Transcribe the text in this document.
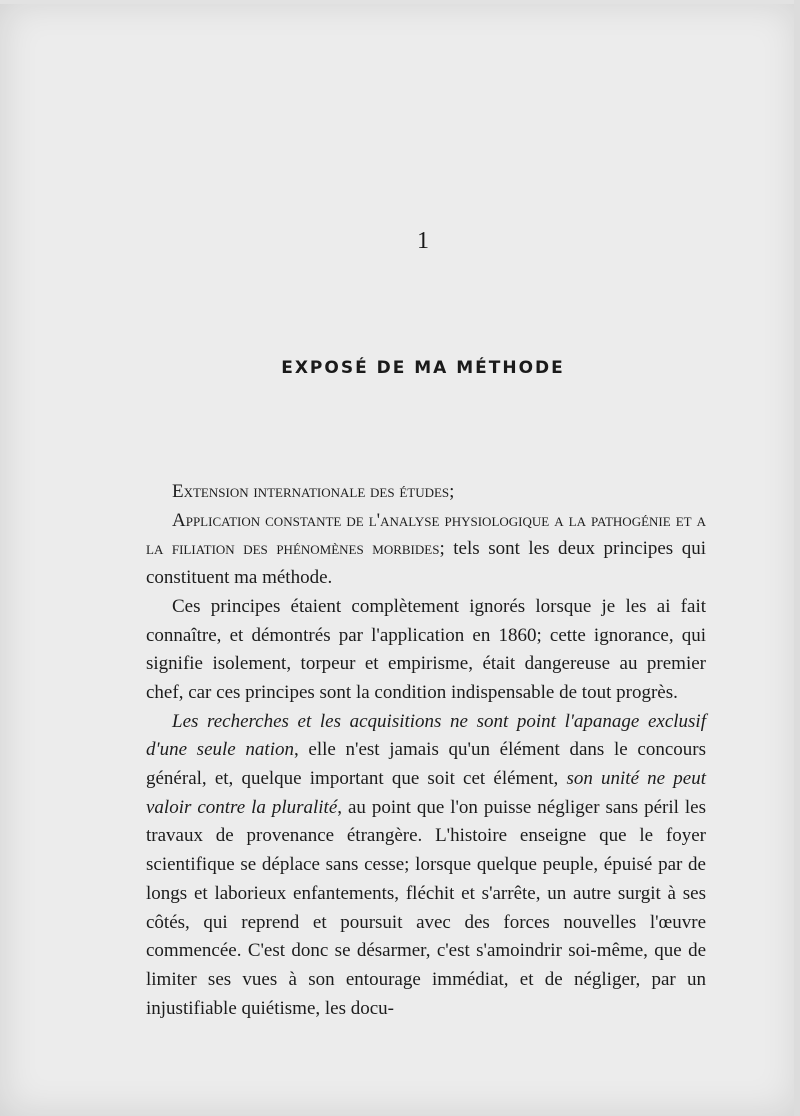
1
EXPOSÉ DE MA MÉTHODE

Extension internationale des études;

Application constante de l'analyse physiologique a la pathogénie et a la filiation des phénomènes morbides; tels sont les deux principes qui constituent ma méthode.

Ces principes étaient complètement ignorés lorsque je les ai fait connaître, et démontrés par l'application en 1860; cette ignorance, qui signifie isolement, torpeur et empirisme, était dangereuse au premier chef, car ces principes sont la condition indispensable de tout progrès.

Les recherches et les acquisitions ne sont point l'apanage exclusif d'une seule nation, elle n'est jamais qu'un élément dans le concours général, et, quelque important que soit cet élément, son unité ne peut valoir contre la pluralité, au point que l'on puisse négliger sans péril les travaux de provenance étrangère. L'histoire enseigne que le foyer scientifique se déplace sans cesse; lorsque quelque peuple, épuisé par de longs et laborieux enfantements, fléchit et s'arrête, un autre surgit à ses côtés, qui reprend et poursuit avec des forces nouvelles l'œuvre commencée. C'est donc se désarmer, c'est s'amoindrir soi-même, que de limiter ses vues à son entourage immédiat, et de négliger, par un injustifiable quiétisme, les docu-
